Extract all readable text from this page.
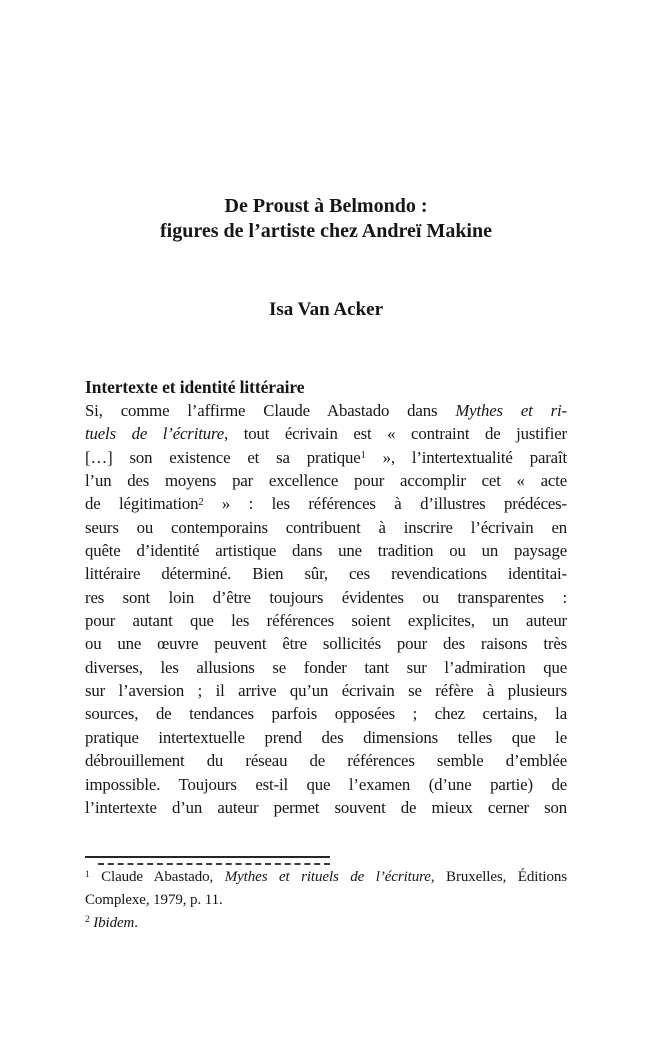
De Proust à Belmondo :
figures de l’artiste chez Andreï Makine
Isa Van Acker
Intertexte et identité littéraire
Si, comme l’affirme Claude Abastado dans Mythes et ri-
tuels de l’écriture, tout écrivain est « contraint de justifier
[…] son existence et sa pratique$^1$ », l’intertextualité paraît
l’un des moyens par excellence pour accomplir cet « acte
de légitimation$^2$ » : les références à d’illustres prédéces-
seurs ou contemporains contribuent à inscrire l’écrivain en
quête d’identité artistique dans une tradition ou un paysage
littéraire déterminé. Bien sûr, ces revendications identitai-
res sont loin d’être toujours évidentes ou transparentes :
pour autant que les références soient explicites, un auteur
ou une œuvre peuvent être sollicités pour des raisons très
diverses, les allusions se fonder tant sur l’admiration que
sur l’aversion ; il arrive qu’un écrivain se réfère à plusieurs
sources, de tendances parfois opposées ; chez certains, la
pratique intertextuelle prend des dimensions telles que le
débrouillement du réseau de références semble d’emblée
impossible. Toujours est-il que l’examen (d’une partie) de
l’intertexte d’un auteur permet souvent de mieux cerner son
$^1$ Claude Abastado, Mythes et rituels de l’écriture, Bruxelles, Éditions
Complexe, 1979, p. 11.
$^2$ Ibidem.
